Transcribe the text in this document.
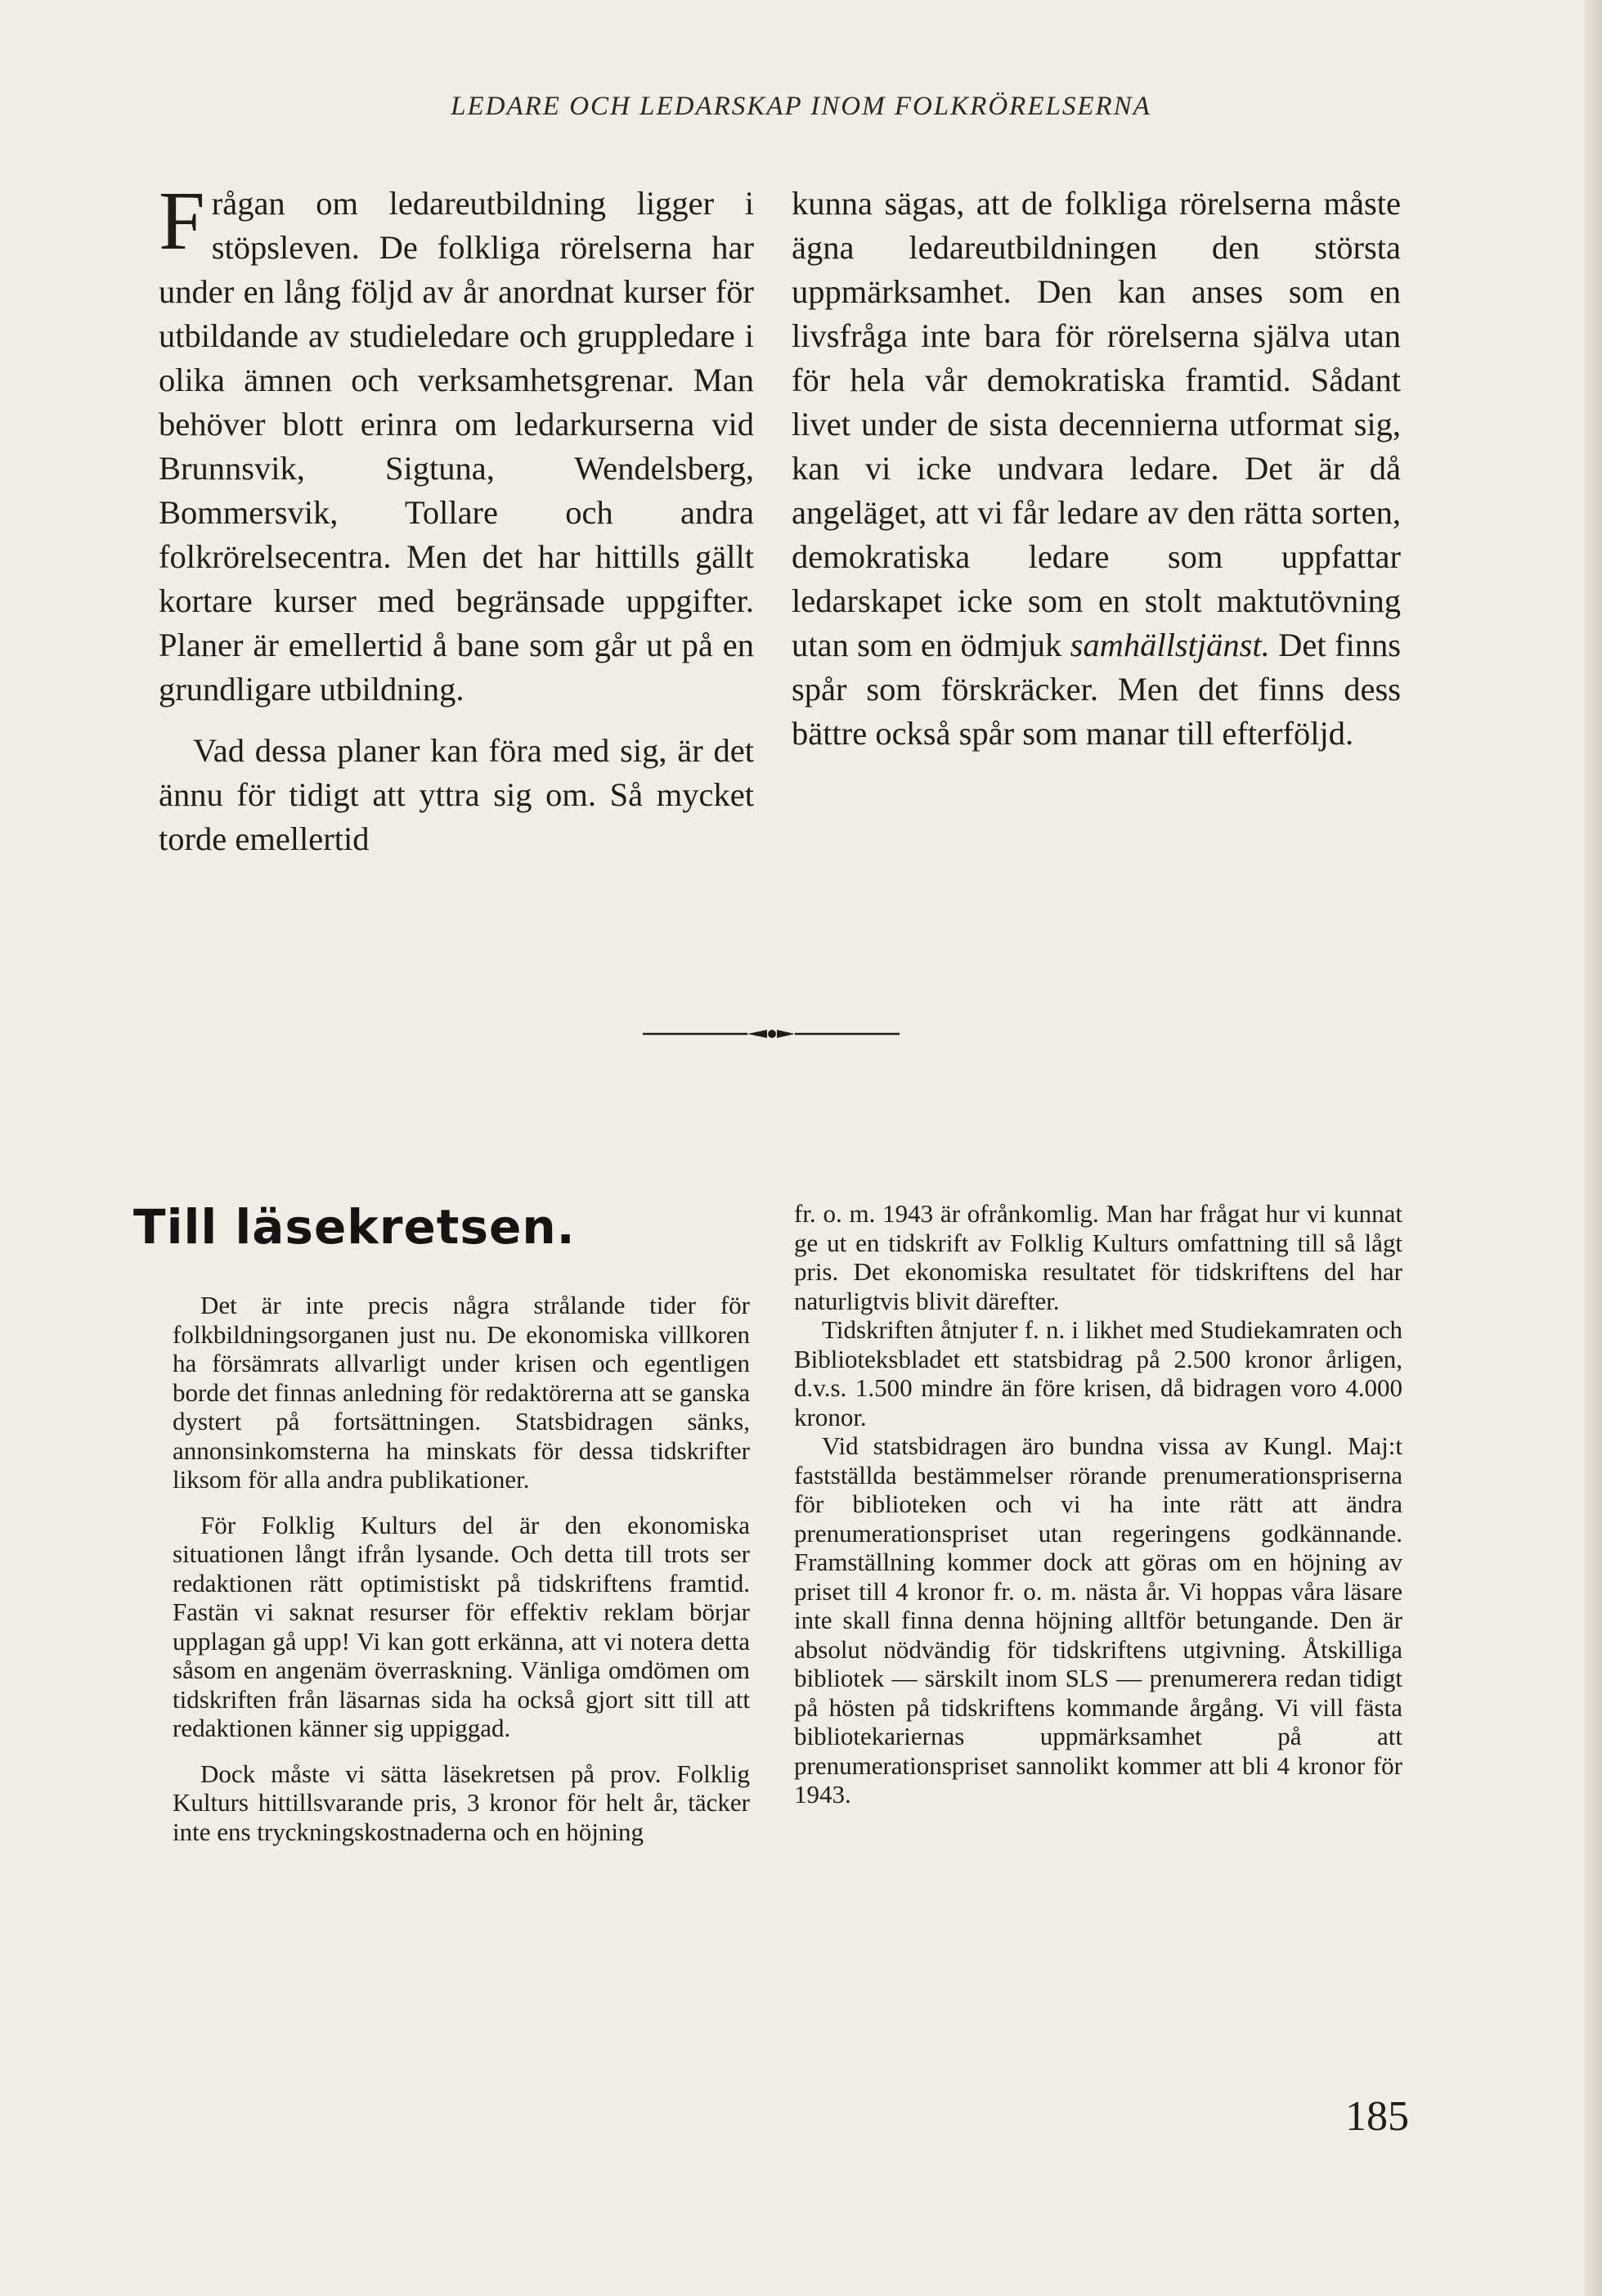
LEDARE OCH LEDARSKAP INOM FOLKRÖRELSERNA

Frågan om ledareutbildning ligger i stöpsleven. De folkliga rörelserna har under en lång följd av år anordnat kurser för utbildande av studieledare och gruppledare i olika ämnen och verksamhetsgrenar. Man behöver blott erinra om ledarkurserna vid Brunnsvik, Sigtuna, Wendelsberg, Bommersvik, Tollare och andra folkrörelsecentra. Men det har hittills gällt kortare kurser med begränsade uppgifter. Planer är emellertid å bane som går ut på en grundligare utbildning.

Vad dessa planer kan föra med sig, är det ännu för tidigt att yttra sig om. Så mycket torde emellertid

kunna sägas, att de folkliga rörelserna måste ägna ledareutbildningen den största uppmärksamhet. Den kan anses som en livsfråga inte bara för rörelserna själva utan för hela vår demokratiska framtid. Sådant livet under de sista decennierna utformat sig, kan vi icke undvara ledare. Det är då angeläget, att vi får ledare av den rätta sorten, demokratiska ledare som uppfattar ledarskapet icke som en stolt maktutövning utan som en ödmjuk samhällstjänst. Det finns spår som förskräcker. Men det finns dess bättre också spår som manar till efterföljd.

Till läsekretsen.

Det är inte precis några strålande tider för folkbildningsorganen just nu. De ekonomiska villkoren ha försämrats allvarligt under krisen och egentligen borde det finnas anledning för redaktörerna att se ganska dystert på fortsättningen. Statsbidragen sänks, annonsinkomsterna ha minskats för dessa tidskrifter liksom för alla andra publikationer.

För Folklig Kulturs del är den ekonomiska situationen långt ifrån lysande. Och detta till trots ser redaktionen rätt optimistiskt på tidskriftens framtid. Fastän vi saknat resurser för effektiv reklam börjar upplagan gå upp! Vi kan gott erkänna, att vi notera detta såsom en angenäm överraskning. Vänliga omdömen om tidskriften från läsarnas sida ha också gjort sitt till att redaktionen känner sig uppiggad.

Dock måste vi sätta läsekretsen på prov. Folklig Kulturs hittillsvarande pris, 3 kronor för helt år, täcker inte ens tryckningskostnaderna och en höjning

fr. o. m. 1943 är ofrånkomlig. Man har frågat hur vi kunnat ge ut en tidskrift av Folklig Kulturs omfattning till så lågt pris. Det ekonomiska resultatet för tidskriftens del har naturligtvis blivit därefter.

Tidskriften åtnjuter f. n. i likhet med Studiekamraten och Biblioteksbladet ett statsbidrag på 2.500 kronor årligen, d.v.s. 1.500 mindre än före krisen, då bidragen voro 4.000 kronor.

Vid statsbidragen äro bundna vissa av Kungl. Maj:t fastställda bestämmelser rörande prenumerationspriserna för biblioteken och vi ha inte rätt att ändra prenumerationspriset utan regeringens godkännande. Framställning kommer dock att göras om en höjning av priset till 4 kronor fr. o. m. nästa år. Vi hoppas våra läsare inte skall finna denna höjning alltför betungande. Den är absolut nödvändig för tidskriftens utgivning. Åtskilliga bibliotek — särskilt inom SLS — prenumerera redan tidigt på hösten på tidskriftens kommande årgång. Vi vill fästa bibliotekariernas uppmärksamhet på att prenumerationspriset sannolikt kommer att bli 4 kronor för 1943.

185
